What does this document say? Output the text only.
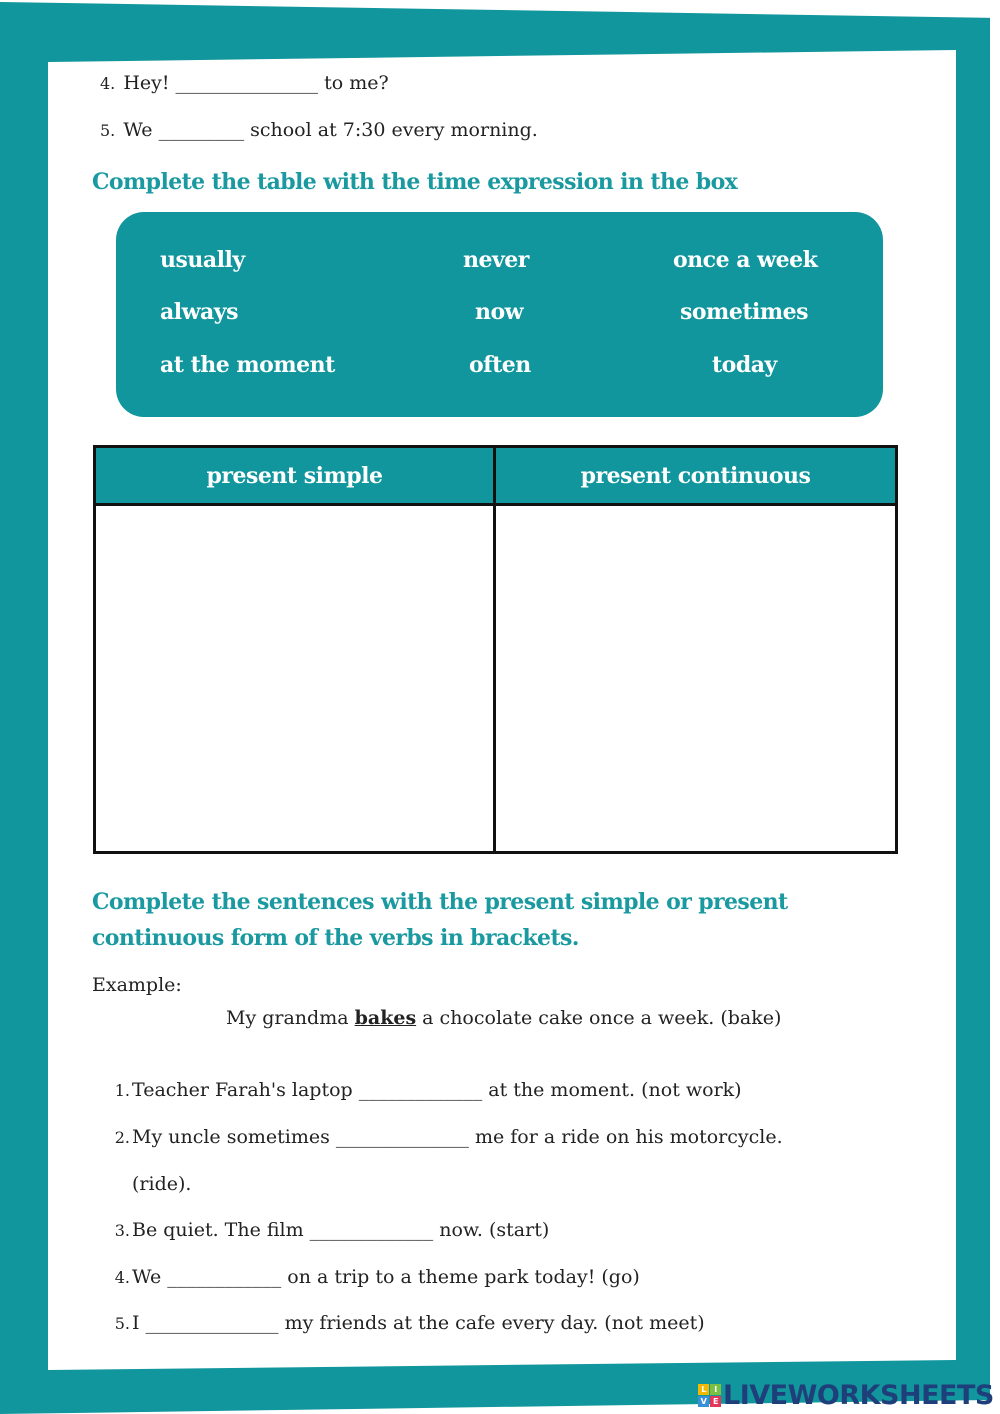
4. Hey! _______________ to me?
5. We _________ school at 7:30 every morning.
Complete the table with the time expression in the box
usually	never	once a week
always	now	sometimes
at the moment	often	today
present simple	present continuous

Complete the sentences with the present simple or present
continuous form of the verbs in brackets.
Example:
My grandma bakes a chocolate cake once a week. (bake)
1. Teacher Farah's laptop _____________ at the moment. (not work)
2. My uncle sometimes ______________ me for a ride on his motorcycle.
(ride).
3. Be quiet. The film _____________ now. (start)
4. We ____________ on a trip to a theme park today! (go)
5. I ______________ my friends at the cafe every day. (not meet)
L	I
V E LIVEWORKSHEETS
